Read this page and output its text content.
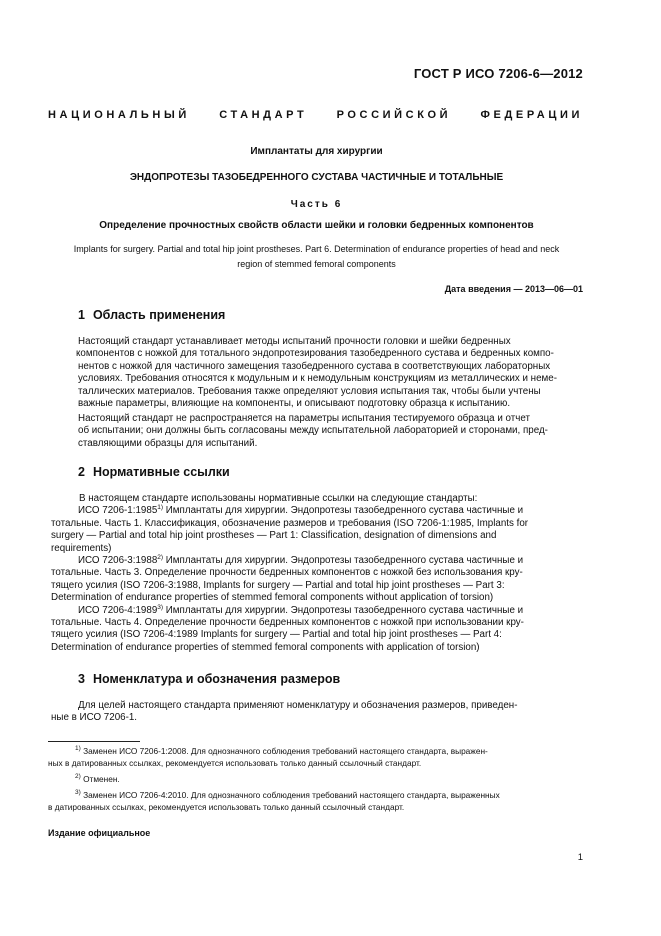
ГОСТ Р ИСО 7206-6—2012
НАЦИОНАЛЬНЫЙ СТАНДАРТ РОССИЙСКОЙ ФЕДЕРАЦИИ
Имплантаты для хирургии
ЭНДОПРОТЕЗЫ ТАЗОБЕДРЕННОГО СУСТАВА ЧАСТИЧНЫЕ И ТОТАЛЬНЫЕ
Часть 6
Определение прочностных свойств области шейки и головки бедренных компонентов
Implants for surgery. Partial and total hip joint prostheses. Part 6. Determination of endurance properties of head and neck
region of stemmed femoral components
Дата введения — 2013—06—01
1 Область применения
Настоящий стандарт устанавливает методы испытаний прочности головки и шейки бедренных
компонентов с ножкой для тотального эндопротезирования тазобедренного сустава и бедренных компо-
нентов с ножкой для частичного замещения тазобедренного сустава в соответствующих лабораторных
условиях. Требования относятся к модульным и к немодульным конструкциям из металлических и неме-
таллических материалов. Требования также определяют условия испытания так, чтобы были учтены
важные параметры, влияющие на компоненты, и описывают подготовку образца к испытанию.
Настоящий стандарт не распространяется на параметры испытания тестируемого образца и отчет
об испытании; они должны быть согласованы между испытательной лабораторией и сторонами, пред-
ставляющими образцы для испытаний.
2 Нормативные ссылки
В настоящем стандарте использованы нормативные ссылки на следующие стандарты:
ИСО 7206-1:1985$^{1)}$ Имплантаты для хирургии. Эндопротезы тазобедренного сустава частичные и
тотальные. Часть 1. Классификация, обозначение размеров и требования (ISO 7206-1:1985, Implants for
surgery — Partial and total hip joint prostheses — Part 1: Classification, designation of dimensions and
requirements)
ИСО 7206-3:1988$^{2)}$ Имплантаты для хирургии. Эндопротезы тазобедренного сустава частичные и
тотальные. Часть 3. Определение прочности бедренных компонентов с ножкой без использования кру-
тящего усилия (ISO 7206-3:1988, Implants for surgery — Partial and total hip joint prostheses — Part 3:
Determination of endurance properties of stemmed femoral components without application of torsion)
ИСО 7206-4:1989$^{3)}$ Имплантаты для хирургии. Эндопротезы тазобедренного сустава частичные и
тотальные. Часть 4. Определение прочности бедренных компонентов с ножкой при использовании кру-
тящего усилия (ISO 7206-4:1989 Implants for surgery — Partial and total hip joint prostheses — Part 4:
Determination of endurance properties of stemmed femoral components with application of torsion)
3 Номенклатура и обозначения размеров
Для целей настоящего стандарта применяют номенклатуру и обозначения размеров, приведен-
ные в ИСО 7206-1.
$^{1)}$ Заменен ИСО 7206-1:2008. Для однозначного соблюдения требований настоящего стандарта, выражен-
ных в датированных ссылках, рекомендуется использовать только данный ссылочный стандарт.
$^{2)}$ Отменен.
$^{3)}$ Заменен ИСО 7206-4:2010. Для однозначного соблюдения требований настоящего стандарта, выраженных
в датированных ссылках, рекомендуется использовать только данный ссылочный стандарт.
Издание официальное
1
